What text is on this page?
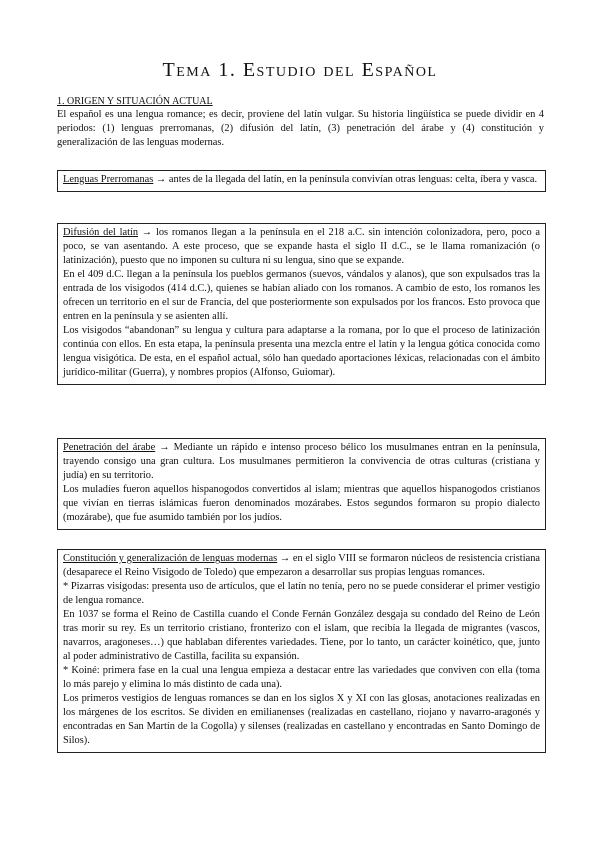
Tema 1. Estudio del Español
1. ORIGEN Y SITUACIÓN ACTUAL

El español es una lengua romance; es decir, proviene del latín vulgar. Su historia lingüística se puede dividir en 4 periodos: (1) lenguas prerromanas, (2) difusión del latín, (3) penetración del árabe y (4) constitución y generalización de las lenguas modernas.

Lenguas Prerromanas → antes de la llegada del latín, en la península convivían otras lenguas: celta, íbera y vasca.

Difusión del latín → los romanos llegan a la península en el 218 a.C. sin intención colonizadora, pero, poco a poco, se van asentando. A este proceso, que se expande hasta el siglo II d.C., se le llama romanización (o latinización), puesto que no imponen su cultura ni su lengua, sino que se expande.

En el 409 d.C. llegan a la península los pueblos germanos (suevos, vándalos y alanos), que son expulsados tras la entrada de los visigodos (414 d.C.), quienes se habían aliado con los romanos. A cambio de esto, los romanos les ofrecen un territorio en el sur de Francia, del que posteriormente son expulsados por los francos. Esto provoca que entren en la península y se asienten allí.

Los visigodos “abandonan” su lengua y cultura para adaptarse a la romana, por lo que el proceso de latinización continúa con ellos. En esta etapa, la península presenta una mezcla entre el latín y la lengua gótica conocida como lengua visigótica. De esta, en el español actual, sólo han quedado aportaciones léxicas, relacionadas con el ámbito jurídico-militar (Guerra), y nombres propios (Alfonso, Guiomar).

Penetración del árabe → Mediante un rápido e intenso proceso bélico los musulmanes entran en la península, trayendo consigo una gran cultura. Los musulmanes permitieron la convivencia de otras culturas (cristiana y judía) en su territorio.

Los muladíes fueron aquellos hispanogodos convertidos al islam; mientras que aquellos hispanogodos cristianos que vivían en tierras islámicas fueron denominados mozárabes. Estos segundos formaron su propio dialecto (mozárabe), que fue asumido también por los judíos.

Constitución y generalización de lenguas modernas → en el siglo VIII se formaron núcleos de resistencia cristiana (desaparece el Reino Visigodo de Toledo) que empezaron a desarrollar sus propias lenguas romances.

* Pizarras visigodas: presenta uso de artículos, que el latín no tenía, pero no se puede considerar el primer vestigio de lengua romance.

En 1037 se forma el Reino de Castilla cuando el Conde Fernán González desgaja su condado del Reino de León tras morir su rey. Es un territorio cristiano, fronterizo con el islam, que recibía la llegada de migrantes (vascos, navarros, aragoneses…) que hablaban diferentes variedades. Tiene, por lo tanto, un carácter koinético, que, junto al poder administrativo de Castilla, facilita su expansión.

* Koiné: primera fase en la cual una lengua empieza a destacar entre las variedades que conviven con ella (toma lo más parejo y elimina lo más distinto de cada una).

Los primeros vestigios de lenguas romances se dan en los siglos X y XI con las glosas, anotaciones realizadas en los márgenes de los escritos. Se dividen en emilianenses (realizadas en castellano, riojano y navarro-aragonés y encontradas en San Martín de la Cogolla) y silenses (realizadas en castellano y encontradas en Santo Domingo de Silos).
